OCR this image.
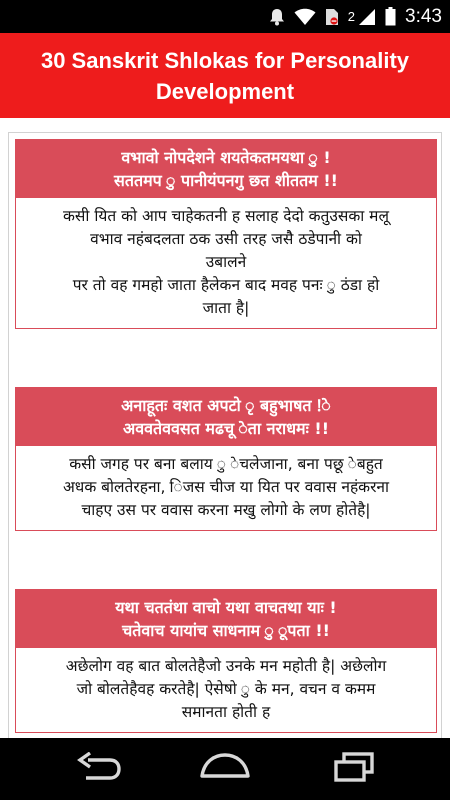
2	3:43
30 Sanskrit Shlokas for Personality Development
वभावो नोपदेशने शयतेकतमयथा ु !
सततमप ु पानीयंपनगु छत शीततम !!
कसी यित को आप चाहेकतनी ह सलाह देदो कतुउसका मलू
वभाव नहंबदलता ठक उसी तरह जसैे ठडेपानी को
उबालने
पर तो वह गमहो जाता हैलेकन बाद मवह पनः ु ठंडा हो
जाता है|
अनाहूतः वशत अपटो ृ बहुभाषत !े
अववतेववसत मढचू ेता नराधमः !!
कसी जगह पर बना बलाय ु ेचलेजाना, बना पछू ेबहुत
अधक बोलतेरहना, िजस चीज या यित पर ववास नहंकरना
चाहए उस पर ववास करना मखु लोगो के लण होतेहै|
यथा चततंथा वाचो यथा वाचतथा याः !
चतेवाच यायांच साधनाम ु ूपता !!
अछेलोग वह बात बोलतेहैजो उनके मन महोती है| अछेलोग
जो बोलतेहैवह करतेहै| ऐसेषो ु के मन, वचन व कमम
समानता होती ह
